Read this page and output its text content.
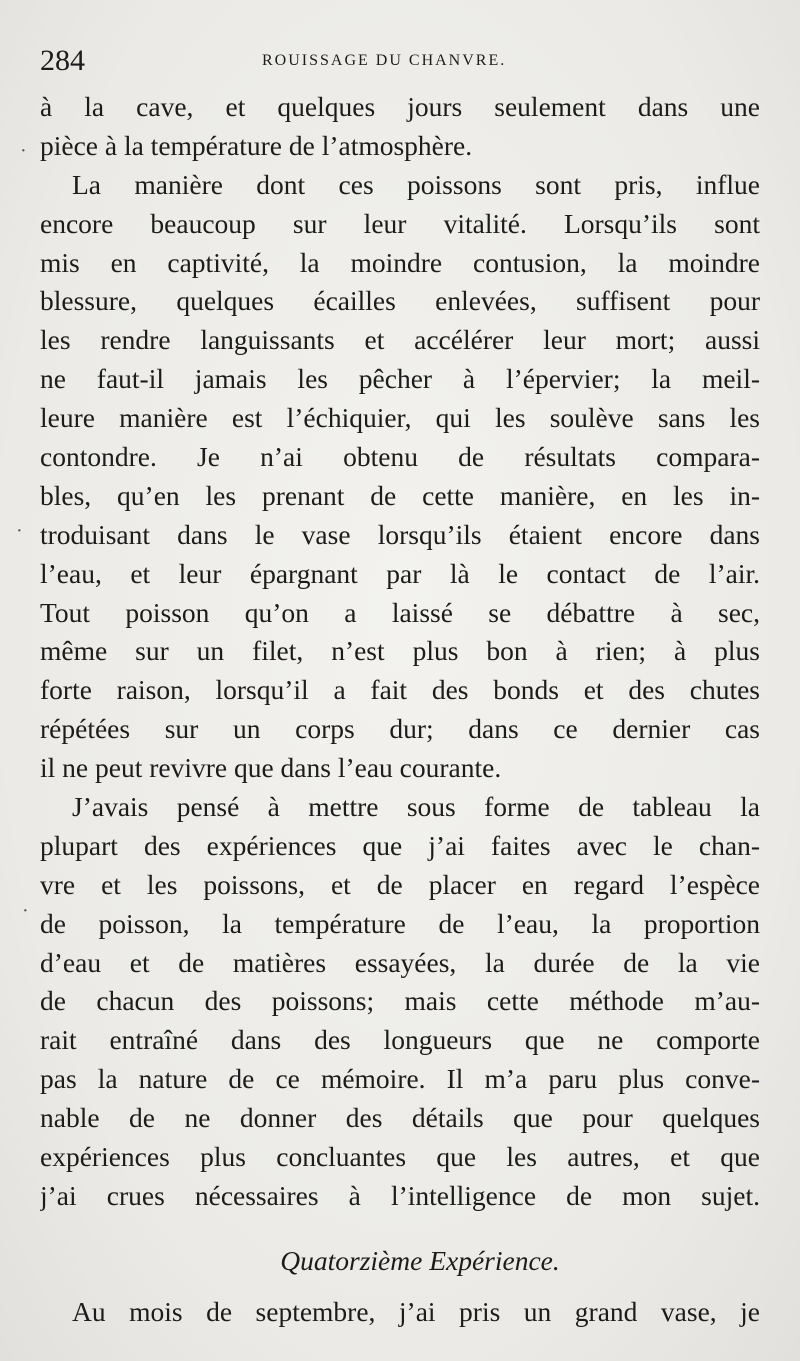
284	ROUISSAGE DU CHANVRE.
à la cave, et quelques jours seulement dans une
pièce à la température de l’atmosphère.
La manière dont ces poissons sont pris, influe
encore beaucoup sur leur vitalité. Lorsqu’ils sont
mis en captivité, la moindre contusion, la moindre
blessure, quelques écailles enlevées, suffisent pour
les rendre languissants et accélérer leur mort; aussi
ne faut-il jamais les pêcher à l’épervier; la meil-
leure manière est l’échiquier, qui les soulève sans les
contondre. Je n’ai obtenu de résultats compara-
bles, qu’en les prenant de cette manière, en les in-
troduisant dans le vase lorsqu’ils étaient encore dans
l’eau, et leur épargnant par là le contact de l’air.
Tout poisson qu’on a laissé se débattre à sec,
même sur un filet, n’est plus bon à rien; à plus
forte raison, lorsqu’il a fait des bonds et des chutes
répétées sur un corps dur; dans ce dernier cas
il ne peut revivre que dans l’eau courante.
J’avais pensé à mettre sous forme de tableau la
plupart des expériences que j’ai faites avec le chan-
vre et les poissons, et de placer en regard l’espèce
de poisson, la température de l’eau, la proportion
d’eau et de matières essayées, la durée de la vie
de chacun des poissons; mais cette méthode m’au-
rait entraîné dans des longueurs que ne comporte
pas la nature de ce mémoire. Il m’a paru plus conve-
nable de ne donner des détails que pour quelques
expériences plus concluantes que les autres, et que
j’ai crues nécessaires à l’intelligence de mon sujet.
Quatorzième Expérience.
Au mois de septembre, j’ai pris un grand vase, je
·
·
·
